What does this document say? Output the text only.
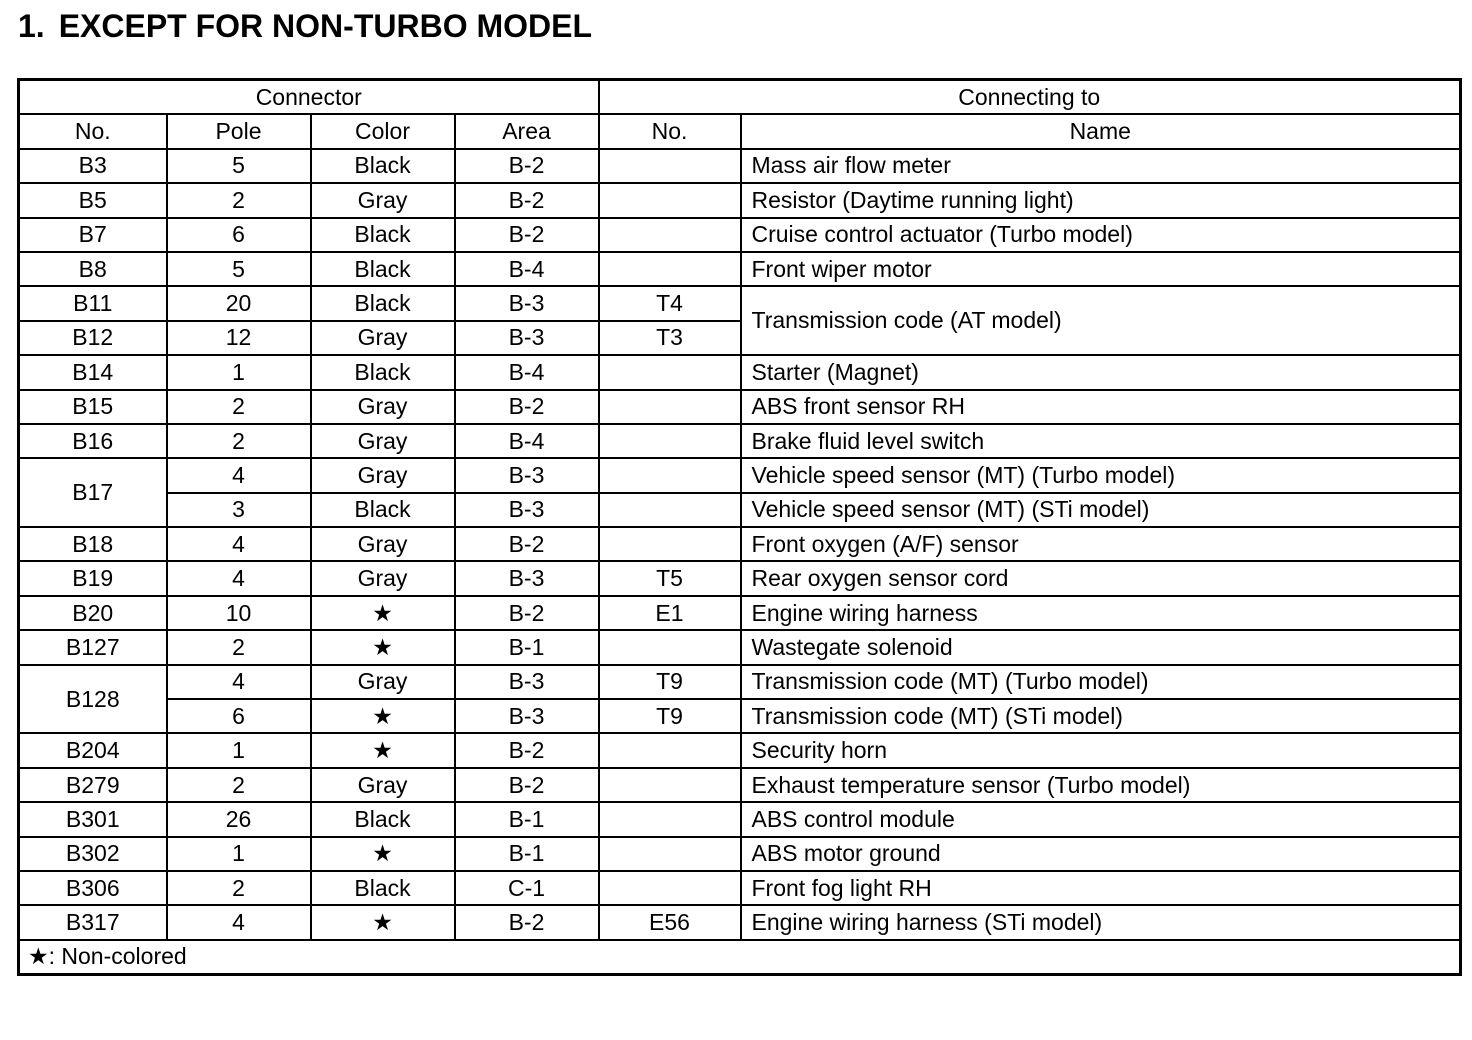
1. EXCEPT FOR NON-TURBO MODEL
Connector				Connecting to	
No.	Pole	Color	Area	No.	Name
B3	5	Black	B-2		Mass air flow meter
B5	2	Gray	B-2		Resistor (Daytime running light)
B7	6	Black	B-2		Cruise control actuator (Turbo model)
B8	5	Black	B-4		Front wiper motor
B11	20	Black	B-3	T4	Transmission code (AT model)
B12	12	Gray	B-3	T3	
B14	1	Black	B-4		Starter (Magnet)
B15	2	Gray	B-2		ABS front sensor RH
B16	2	Gray	B-4		Brake fluid level switch
B17	4	Gray	B-3		Vehicle speed sensor (MT) (Turbo model)
	3	Black	B-3		Vehicle speed sensor (MT) (STi model)
B18	4	Gray	B-2		Front oxygen (A/F) sensor
B19	4	Gray	B-3	T5	Rear oxygen sensor cord
B20	10	★	B-2	E1	Engine wiring harness
B127	2	★	B-1		Wastegate solenoid
B128	4	Gray	B-3	T9	Transmission code (MT) (Turbo model)
	6	★	B-3	T9	Transmission code (MT) (STi model)
B204	1	★	B-2		Security horn
B279	2	Gray	B-2		Exhaust temperature sensor (Turbo model)
B301	26	Black	B-1		ABS control module
B302	1	★	B-1		ABS motor ground
B306	2	Black	C-1		Front fog light RH
B317	4	★	B-2	E56	Engine wiring harness (STi model)
★: Non-colored					
